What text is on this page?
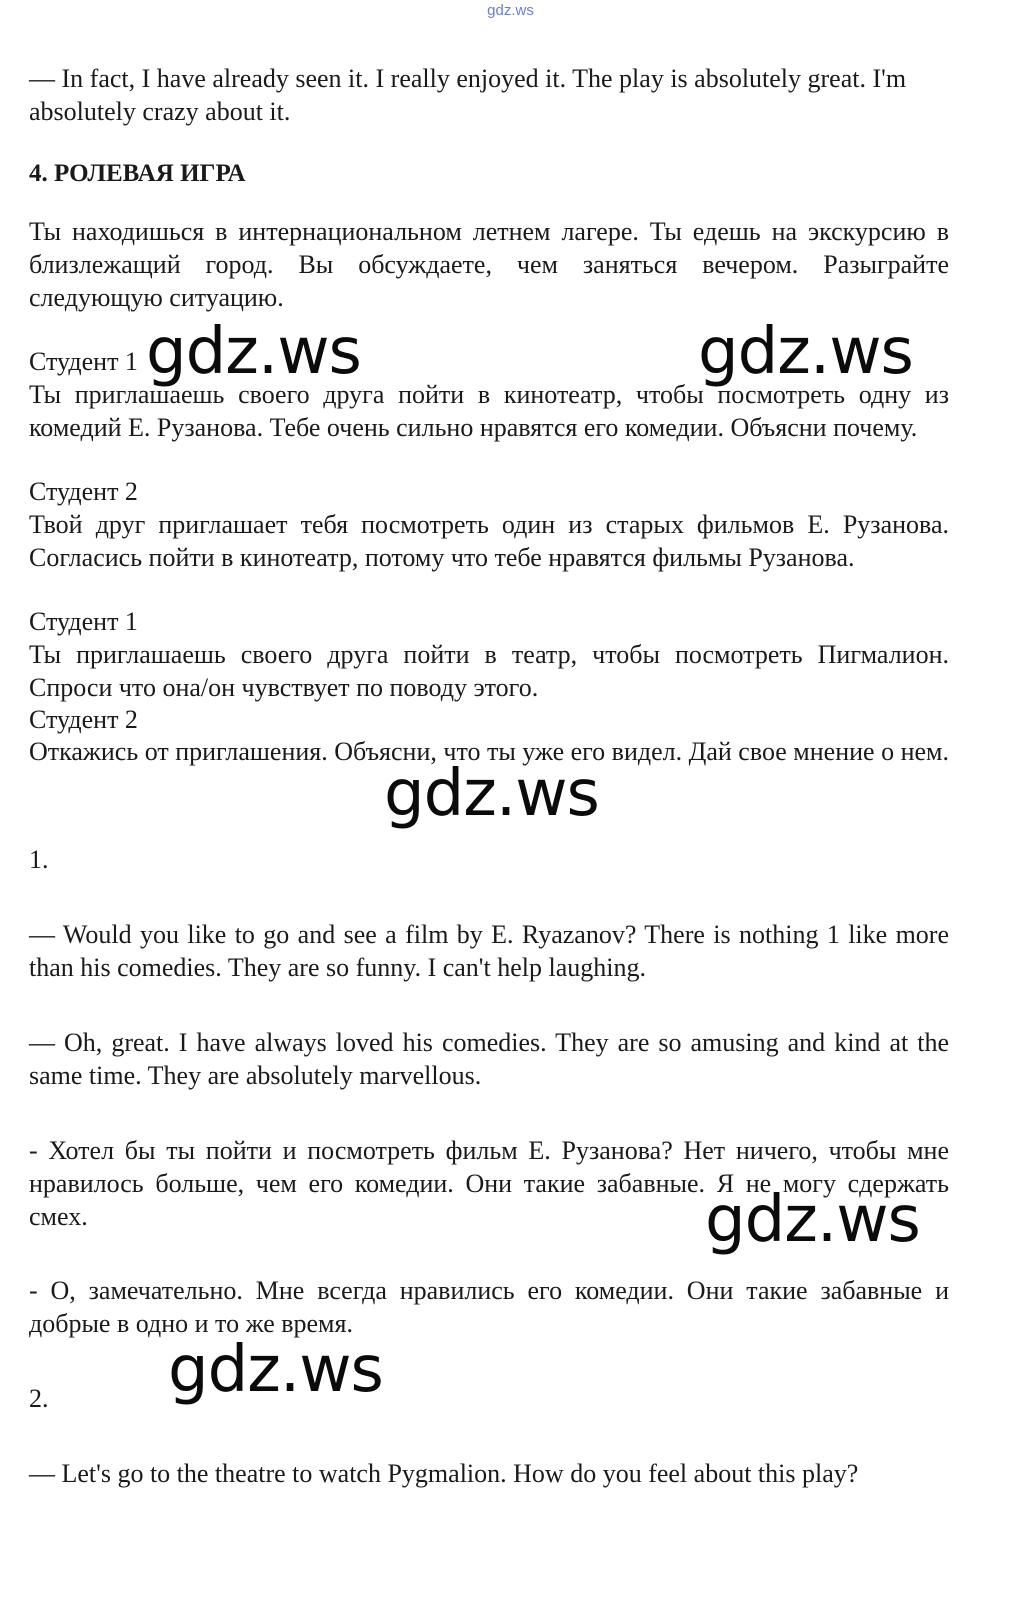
gdz.ws

— In fact, I have already seen it. I really enjoyed it. The play is absolutely great. I'm absolutely crazy about it.

4. РОЛЕВАЯ ИГРА

Ты находишься в интернациональном летнем лагере. Ты едешь на экскурсию в близлежащий город. Вы обсуждаете, чем заняться вечером. Разыграйте следующую ситуацию.

Студент 1

Ты приглашаешь своего друга пойти в кинотеатр, чтобы посмотреть одну из комедий Е. Рузанова. Тебе очень сильно нравятся его комедии. Объясни почему.

Студент 2

Твой друг приглашает тебя посмотреть один из старых фильмов Е. Рузанова. Согласись пойти в кинотеатр, потому что тебе нравятся фильмы Рузанова.

Студент 1

Ты приглашаешь своего друга пойти в театр, чтобы посмотреть Пигмалион. Спроси что она/он чувствует по поводу этого.

Студент 2

Откажись от приглашения. Объясни, что ты уже его видел. Дай свое мнение о нем.

1.

— Would you like to go and see a film by E. Ryazanov? There is nothing 1 like more than his comedies. They are so funny. I can't help laughing.

— Oh, great. I have always loved his comedies. They are so amusing and kind at the same time. They are absolutely marvellous.

- Хотел бы ты пойти и посмотреть фильм Е. Рузанова? Нет ничего, чтобы мне нравилось больше, чем его комедии. Они такие забавные. Я не могу сдержать смех.

- О, замечательно. Мне всегда нравились его комедии. Они такие забавные и добрые в одно и то же время.

2.

— Let's go to the theatre to watch Pygmalion. How do you feel about this play?

gdz.ws	gdz.ws
gdz.ws
gdz.ws
gdz.ws
